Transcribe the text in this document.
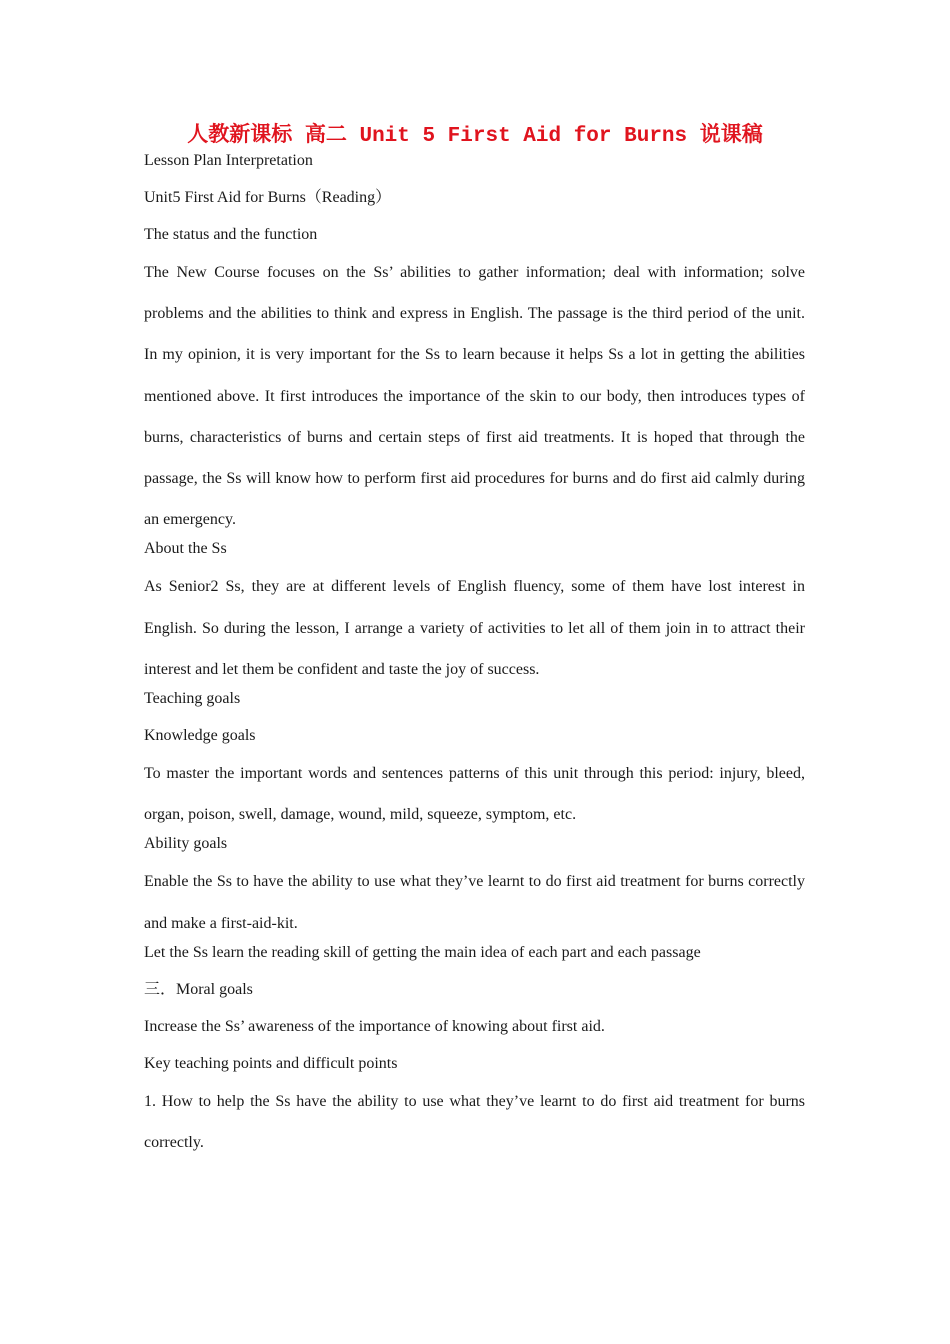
人教新课标 高二 Unit 5 First Aid for Burns 说课稿
Lesson Plan Interpretation
Unit5 First Aid for Burns（Reading）
The status and the function
The New Course focuses on the Ss’ abilities to gather information; deal with information; solve problems and the abilities to think and express in English. The passage is the third period of the unit. In my opinion, it is very important for the Ss to learn because it helps Ss a lot in getting the abilities mentioned above. It first introduces the importance of the skin to our body, then introduces types of burns, characteristics of burns and certain steps of first aid treatments. It is hoped that through the passage, the Ss will know how to perform first aid procedures for burns and do first aid calmly during an emergency.
About the Ss
As Senior2 Ss, they are at different levels of English fluency, some of them have lost interest in English. So during the lesson, I arrange a variety of activities to let all of them join in to attract their interest and let them be confident and taste the joy of success.
Teaching goals
Knowledge goals
To master the important words and sentences patterns of this unit through this period: injury, bleed, organ, poison, swell, damage, wound, mild, squeeze, symptom, etc.
Ability goals
Enable the Ss to have the ability to use what they’ve learnt to do first aid treatment for burns correctly and make a first-aid-kit.
Let the Ss learn the reading skill of getting the main idea of each part and each passage
三．Moral goals
Increase the Ss’ awareness of the importance of knowing about first aid.
Key teaching points and difficult points
1. How to help the Ss have the ability to use what they’ve learnt to do first aid treatment for burns correctly.
